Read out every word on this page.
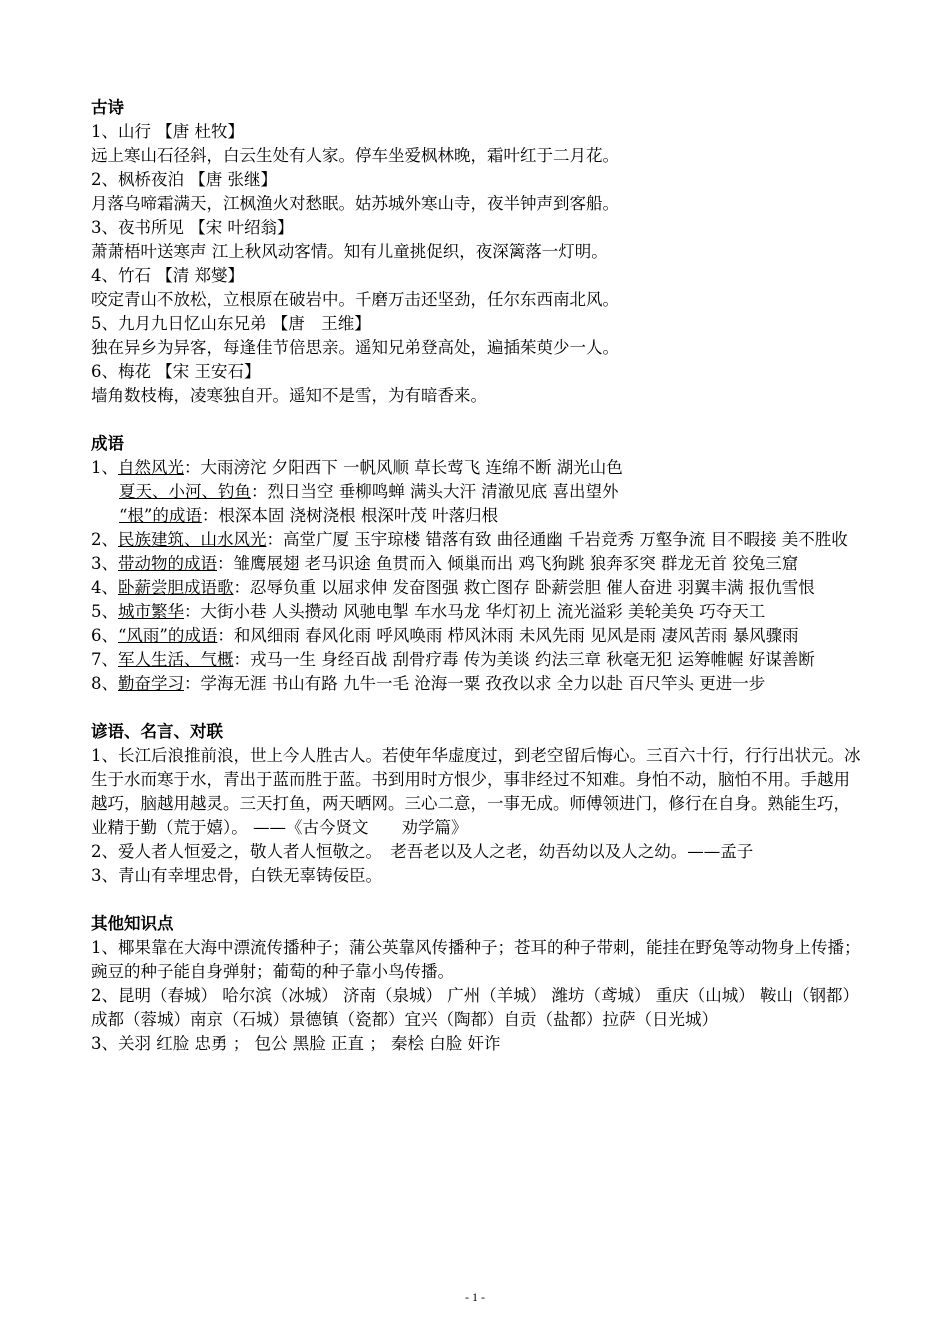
古诗
1、山行 【唐 杜牧】
远上寒山石径斜，白云生处有人家。停车坐爱枫林晚，霜叶红于二月花。
2、枫桥夜泊 【唐 张继】
月落乌啼霜满天，江枫渔火对愁眠。姑苏城外寒山寺，夜半钟声到客船。
3、夜书所见 【宋 叶绍翁】
萧萧梧叶送寒声 江上秋风动客情。知有儿童挑促织，夜深篱落一灯明。
4、竹石 【清 郑燮】
咬定青山不放松，立根原在破岩中。千磨万击还坚劲，任尔东西南北风。
5、九月九日忆山东兄弟 【唐　王维】
独在异乡为异客，每逢佳节倍思亲。遥知兄弟登高处，遍插茱萸少一人。
6、梅花 【宋 王安石】
墙角数枝梅，凌寒独自开。遥知不是雪，为有暗香来。
成语
1、自然风光：大雨滂沱 夕阳西下 一帆风顺 草长莺飞 连绵不断 湖光山色
夏天、小河、钓鱼：烈日当空 垂柳鸣蝉 满头大汗 清澈见底 喜出望外
“根”的成语：根深本固 浇树浇根 根深叶茂 叶落归根
2、民族建筑、山水风光：高堂广厦 玉宇琼楼 错落有致 曲径通幽 千岩竞秀 万壑争流 目不暇接 美不胜收
3、带动物的成语：雏鹰展翅 老马识途 鱼贯而入 倾巢而出 鸡飞狗跳 狼奔豕突 群龙无首 狡兔三窟
4、卧薪尝胆成语歌：忍辱负重 以屈求伸 发奋图强 救亡图存 卧薪尝胆 催人奋进 羽翼丰满 报仇雪恨
5、城市繁华：大街小巷 人头攒动 风驰电掣 车水马龙 华灯初上 流光溢彩 美轮美奂 巧夺天工
6、“风雨”的成语：和风细雨 春风化雨 呼风唤雨 栉风沐雨 未风先雨 见风是雨 凄风苦雨 暴风骤雨
7、军人生活、气概：戎马一生 身经百战 刮骨疗毒 传为美谈 约法三章 秋毫无犯 运筹帷幄 好谋善断
8、勤奋学习：学海无涯 书山有路 九牛一毛 沧海一粟 孜孜以求 全力以赴 百尺竿头 更进一步
谚语、名言、对联
1、长江后浪推前浪，世上今人胜古人。若使年华虚度过，到老空留后悔心。三百六十行，行行出状元。冰生于水而寒于水，青出于蓝而胜于蓝。书到用时方恨少，事非经过不知难。身怕不动，脑怕不用。手越用越巧，脑越用越灵。三天打鱼，两天晒网。三心二意，一事无成。师傅领进门，修行在自身。熟能生巧，业精于勤（荒于嬉）。 ——《古今贤文　　劝学篇》
2、爱人者人恒爱之，敬人者人恒敬之。　老吾老以及人之老，幼吾幼以及人之幼。——孟子
3、青山有幸埋忠骨，白铁无辜铸佞臣。
其他知识点
1、椰果靠在大海中漂流传播种子；蒲公英靠风传播种子；苍耳的种子带刺，能挂在野兔等动物身上传播；豌豆的种子能自身弹射；葡萄的种子靠小鸟传播。
2、昆明（春城） 哈尔滨（冰城） 济南（泉城） 广州（羊城） 潍坊（鸢城） 重庆（山城） 鞍山（钢都）成都（蓉城）南京（石城）景德镇（瓷都）宜兴（陶都）自贡（盐都）拉萨（日光城）
3、关羽 红脸 忠勇 ； 包公 黑脸 正直 ； 秦桧 白脸 奸诈
- 1 -
